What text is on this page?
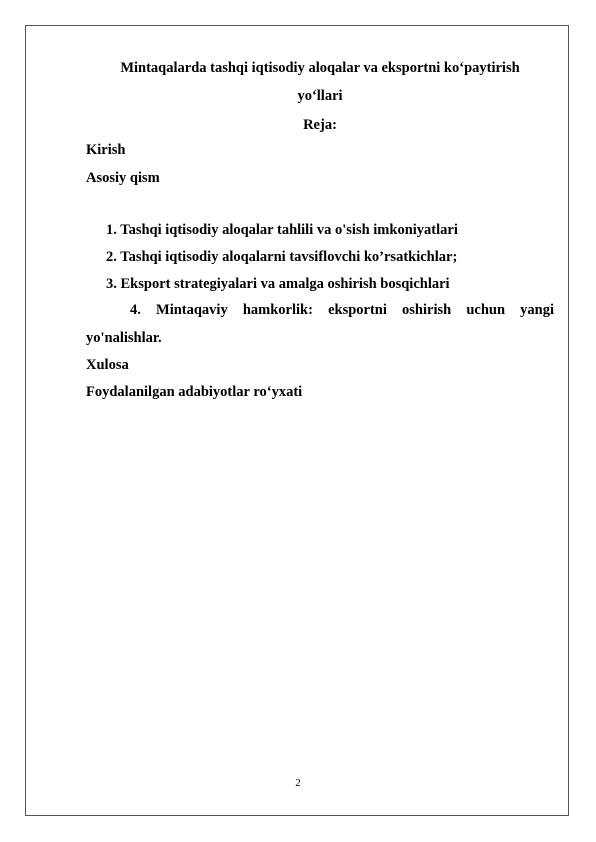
Mintaqalarda tashqi iqtisodiy aloqalar va eksportni koʻpaytirish
yoʻllari
Reja:
Kirish
Asosiy qism
1. Tashqi iqtisodiy aloqalar tahlili va o'sish imkoniyatlari
2. Tashqi iqtisodiy aloqalarni tavsiflovchi ko’rsatkichlar;
3. Eksport strategiyalari va amalga oshirish bosqichlari
4. Mintaqaviy hamkorlik: eksportni oshirish uchun yangi
yo'nalishlar.
Xulosa
Foydalanilgan adabiyotlar roʻyxati
2
